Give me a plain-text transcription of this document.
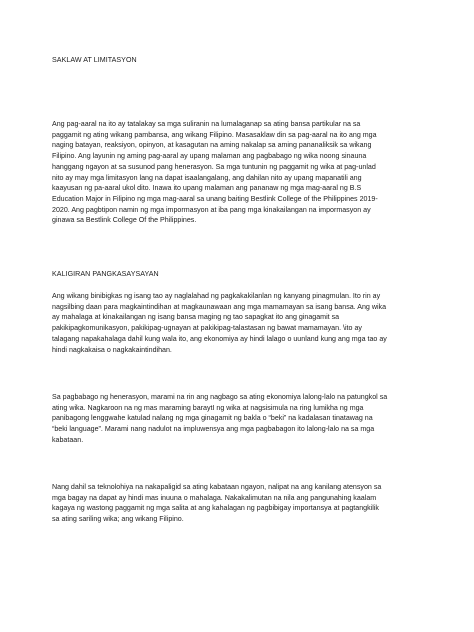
SAKLAW AT LIMITASYON
Ang pag-aaral na ito ay tatalakay sa mga suliranin na lumalaganap sa ating bansa partikular na sa
paggamit ng ating wikang pambansa, ang wikang Filipino. Masasaklaw din sa pag-aaral na ito ang mga
naging batayan, reaksiyon, opinyon, at kasagutan na aming nakalap sa aming pananaliksik sa wikang
Filipino. Ang layunin ng aming pag-aaral ay upang malaman ang pagbabago ng wika noong sinauna
hanggang ngayon at sa susunod pang henerasyon. Sa mga tuntunin ng paggamit ng wika at pag-unlad
nito ay may mga limitasyon lang na dapat isaalangalang, ang dahilan nito ay upang mapanatili ang
kaayusan ng pa-aaral ukol dito. Inawa ito upang malaman ang pananaw ng mga mag-aaral ng B.S
Education Major in Filipino ng mga mag-aaral sa unang baiting Bestlink College of the Philippines 2019-
2020. Ang pagbtipon namin ng mga impormasyon at iba pang mga kinakailangan na impormasyon ay
ginawa sa Bestlink College Of the Philippines.
KALIGIRAN PANGKASAYSAYAN
Ang wikang binibigkas ng isang tao ay naglalahad ng pagkakakilanlan ng kanyang pinagmulan. Ito rin ay
nagsilbing daan para magkaintindihan at magkaunawaan ang mga mamamayan sa isang bansa. Ang wika
ay mahalaga at kinakailangan ng isang bansa maging ng tao sapagkat ito ang ginagamit sa
pakikipagkomunikasyon, pakikipag-ugnayan at pakikipag-talastasan ng bawat mamamayan. \ito ay
talagang napakahalaga dahil kung wala ito, ang ekonomiya ay hindi lalago o uunland kung ang mga tao ay
hindi nagkakaisa o nagkakaintindihan.
Sa pagbabago ng henerasyon, marami na rin ang nagbago sa ating ekonomiya lalong-lalo na patungkol sa
ating wika. Nagkaroon na ng mas maraming baraytI ng wika at nagsisimula na ring lumikha ng mga
panibagong lenggwahe katulad nalang ng mga ginagamit ng bakla o “beki” na kadalasan tinatawag na
“beki language”. Marami nang nadulot na impluwensya ang mga pagbabagon ito lalong-lalo na sa mga
kabataan.
Nang dahil sa teknolohiya na nakapaligid sa ating kabataan ngayon, nalipat na ang kanilang atensyon sa
mga bagay na dapat ay hindi mas inuuna o mahalaga. Nakakalimutan na nila ang pangunahing kaalam
kagaya ng wastong paggamit ng mga salita at ang kahalagan ng pagbibigay importansya at pagtangkilik
sa ating sariling wika; ang wikang Filipino.
